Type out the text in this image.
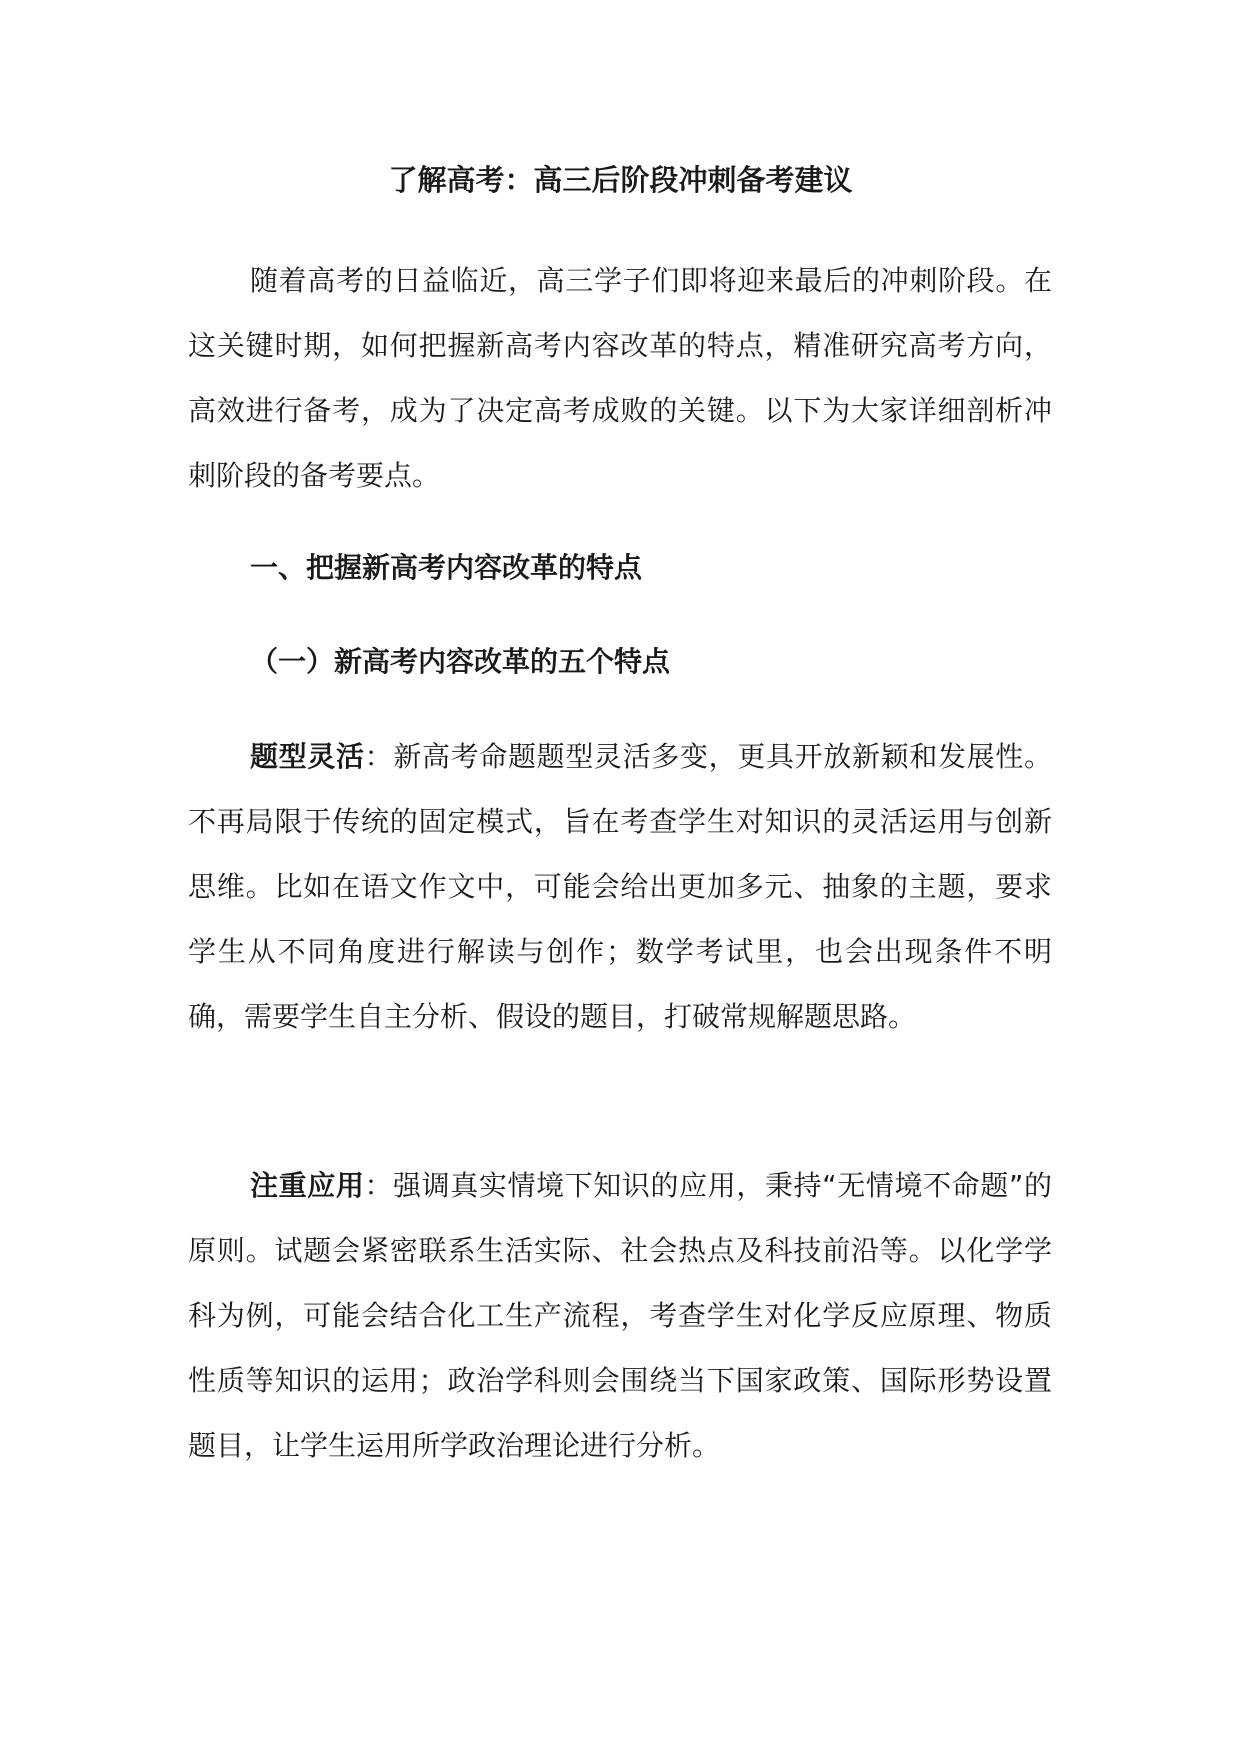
了解高考：高三后阶段冲刺备考建议

随着高考的日益临近，高三学子们即将迎来最后的冲刺阶段。在这关键时期，如何把握新高考内容改革的特点，精准研究高考方向，高效进行备考，成为了决定高考成败的关键。以下为大家详细剖析冲刺阶段的备考要点。

一、把握新高考内容改革的特点
（一）新高考内容改革的五个特点

题型灵活：新高考命题题型灵活多变，更具开放新颖和发展性。不再局限于传统的固定模式，旨在考查学生对知识的灵活运用与创新思维。比如在语文作文中，可能会给出更加多元、抽象的主题，要求学生从不同角度进行解读与创作；数学考试里，也会出现条件不明确，需要学生自主分析、假设的题目，打破常规解题思路。

注重应用：强调真实情境下知识的应用，秉持“无情境不命题”的原则。试题会紧密联系生活实际、社会热点及科技前沿等。以化学学科为例，可能会结合化工生产流程，考查学生对化学反应原理、物质性质等知识的运用；政治学科则会围绕当下国家政策、国际形势设置题目，让学生运用所学政治理论进行分析。
